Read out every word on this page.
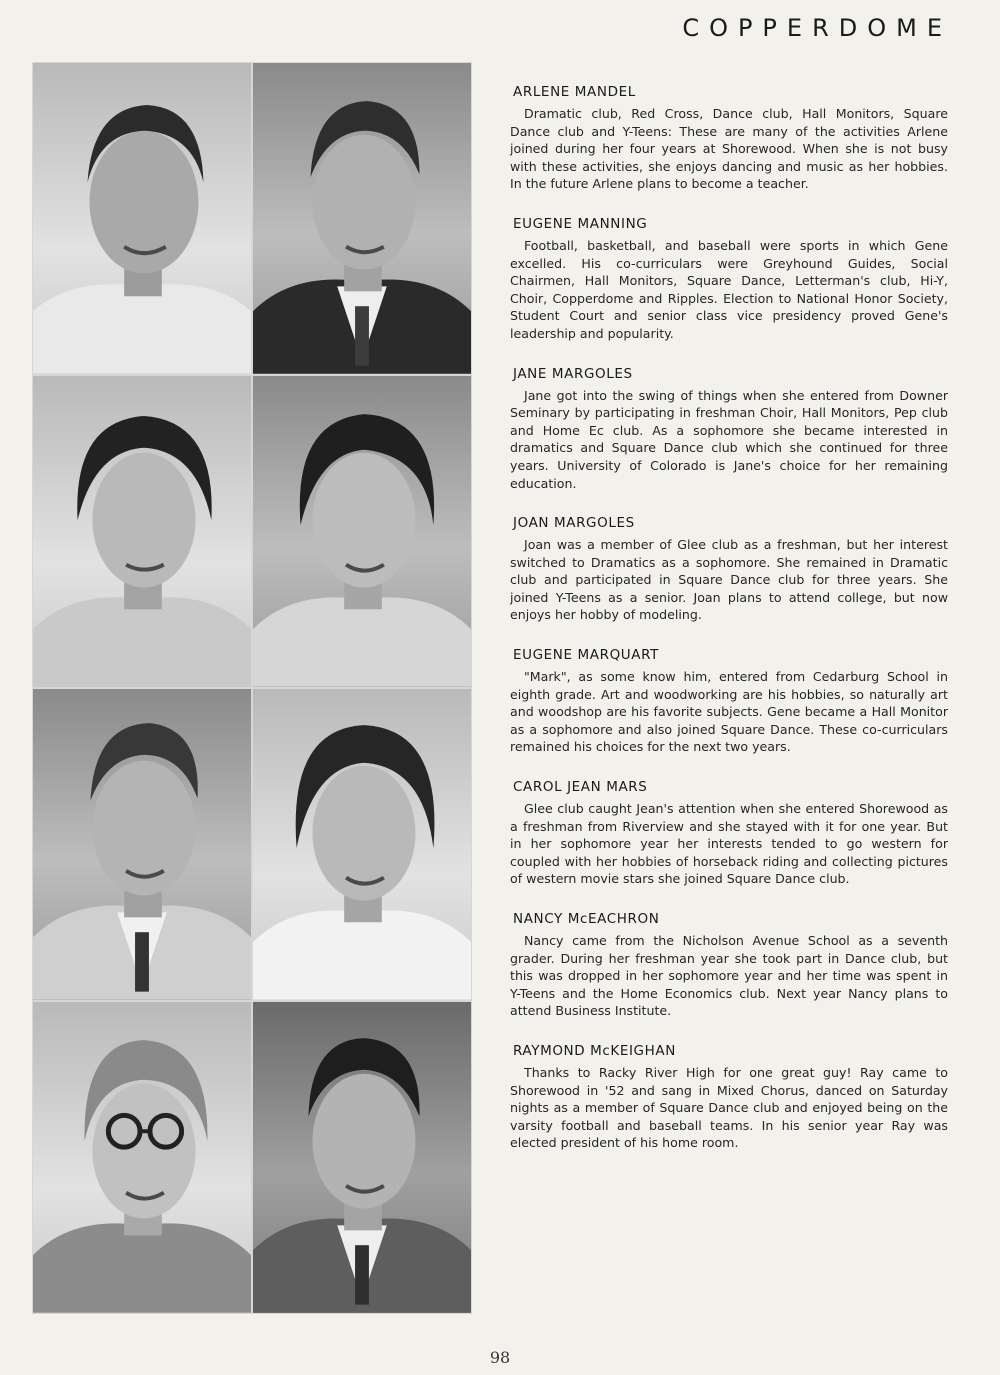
COPPERDOME
ARLENE MANDEL

Dramatic club, Red Cross, Dance club, Hall Monitors, Square Dance club and Y-Teens: These are many of the activities Arlene joined during her four years at Shorewood. When she is not busy with these activities, she enjoys dancing and music as her hobbies. In the future Arlene plans to become a teacher.

EUGENE MANNING

Football, basketball, and baseball were sports in which Gene excelled. His co-curriculars were Greyhound Guides, Social Chairmen, Hall Monitors, Square Dance, Letterman's club, Hi-Y, Choir, Copperdome and Ripples. Election to National Honor Society, Student Court and senior class vice presidency proved Gene's leadership and popularity.

JANE MARGOLES

Jane got into the swing of things when she entered from Downer Seminary by participating in freshman Choir, Hall Monitors, Pep club and Home Ec club. As a sophomore she became interested in dramatics and Square Dance club which she continued for three years. University of Colorado is Jane's choice for her remaining education.

JOAN MARGOLES

Joan was a member of Glee club as a freshman, but her interest switched to Dramatics as a sophomore. She remained in Dramatic club and participated in Square Dance club for three years. She joined Y-Teens as a senior. Joan plans to attend college, but now enjoys her hobby of modeling.

EUGENE MARQUART

"Mark", as some know him, entered from Cedarburg School in eighth grade. Art and woodworking are his hobbies, so naturally art and woodshop are his favorite subjects. Gene became a Hall Monitor as a sophomore and also joined Square Dance. These co-curriculars remained his choices for the next two years.

CAROL JEAN MARS

Glee club caught Jean's attention when she entered Shorewood as a freshman from Riverview and she stayed with it for one year. But in her sophomore year her interests tended to go western for coupled with her hobbies of horseback riding and collecting pictures of western movie stars she joined Square Dance club.

NANCY McEACHRON

Nancy came from the Nicholson Avenue School as a seventh grader. During her freshman year she took part in Dance club, but this was dropped in her sophomore year and her time was spent in Y-Teens and the Home Economics club. Next year Nancy plans to attend Business Institute.

RAYMOND McKEIGHAN

Thanks to Racky River High for one great guy! Ray came to Shorewood in '52 and sang in Mixed Chorus, danced on Saturday nights as a member of Square Dance club and enjoyed being on the varsity football and baseball teams. In his senior year Ray was elected president of his home room.

98
